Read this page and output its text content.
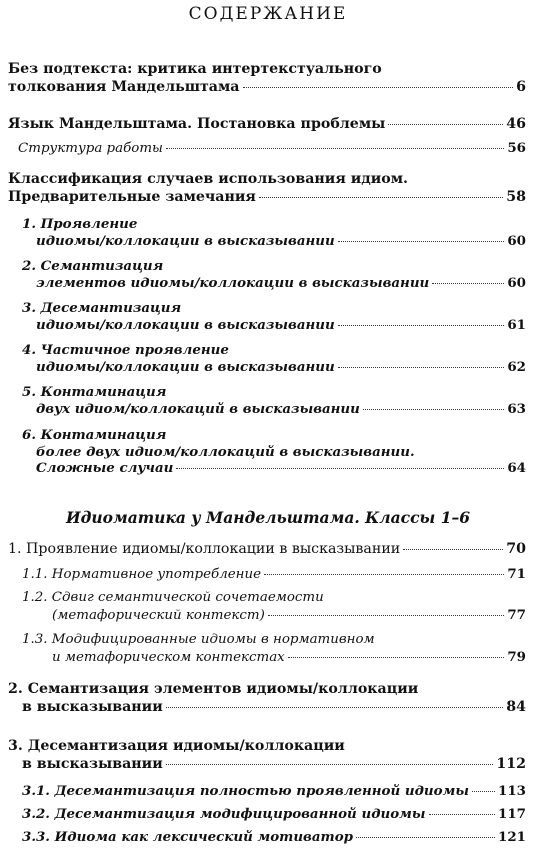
СОДЕРЖАНИЕ
Без подтекста: критика интертекстуального
толкования Мандельштама	6
Язык Мандельштама. Постановка проблемы	46
Структура работы	56
Классификация случаев использования идиом.
Предварительные замечания	58
1. Проявление
идиомы/коллокации в высказывании	60
2. Семантизация
элементов идиомы/коллокации в высказывании	60
3. Десемантизация
идиомы/коллокации в высказывании	61
4. Частичное проявление
идиомы/коллокации в высказывании	62
5. Контаминация
двух идиом/коллокаций в высказывании	63
6. Контаминация
более двух идиом/коллокаций в высказывании.
Сложные случаи	64
Идиоматика у Мандельштама. Классы 1–6
1. Проявление идиомы/коллокации в высказывании	70
1.1. Нормативное употребление	71
1.2. Сдвиг семантической сочетаемости
(метафорический контекст)	77
1.3. Модифицированные идиомы в нормативном
и метафорическом контекстах	79
2. Семантизация элементов идиомы/коллокации
в высказывании	84
3. Десемантизация идиомы/коллокации
в высказывании	112
3.1. Десемантизация полностью проявленной идиомы 113
3.2. Десемантизация модифицированной идиомы	117
3.3. Идиома как лексический мотиватор	121
